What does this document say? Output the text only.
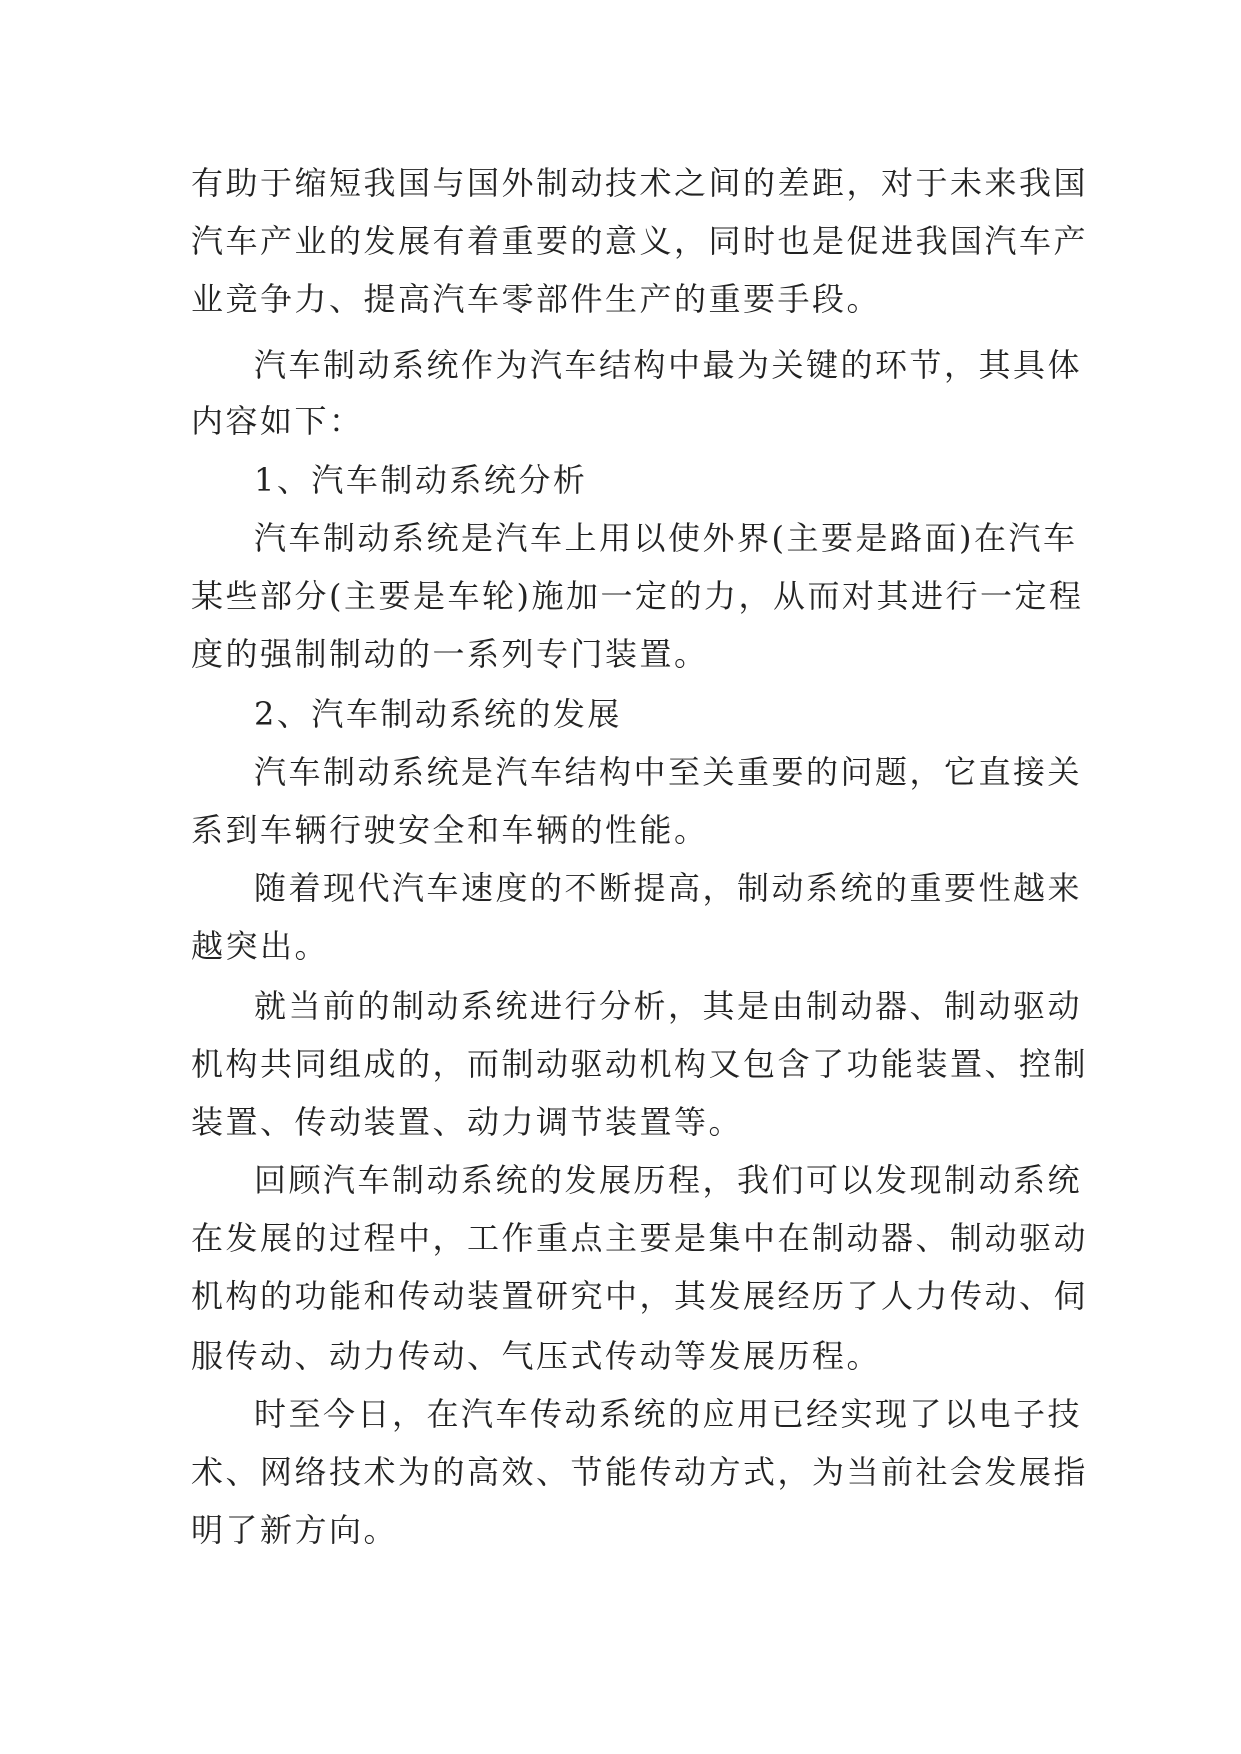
有助于缩短我国与国外制动技术之间的差距，对于未来我国
汽车产业的发展有着重要的意义，同时也是促进我国汽车产
业竞争力、提高汽车零部件生产的重要手段。
汽车制动系统作为汽车结构中最为关键的环节，其具体
内容如下：
1、汽车制动系统分析
汽车制动系统是汽车上用以使外界(主要是路面)在汽车
某些部分(主要是车轮)施加一定的力，从而对其进行一定程
度的强制制动的一系列专门装置。
2、汽车制动系统的发展
汽车制动系统是汽车结构中至关重要的问题，它直接关
系到车辆行驶安全和车辆的性能。
随着现代汽车速度的不断提高，制动系统的重要性越来
越突出。
就当前的制动系统进行分析，其是由制动器、制动驱动
机构共同组成的，而制动驱动机构又包含了功能装置、控制
装置、传动装置、动力调节装置等。
回顾汽车制动系统的发展历程，我们可以发现制动系统
在发展的过程中，工作重点主要是集中在制动器、制动驱动
机构的功能和传动装置研究中，其发展经历了人力传动、伺
服传动、动力传动、气压式传动等发展历程。
时至今日，在汽车传动系统的应用已经实现了以电子技
术、网络技术为的高效、节能传动方式，为当前社会发展指
明了新方向。
